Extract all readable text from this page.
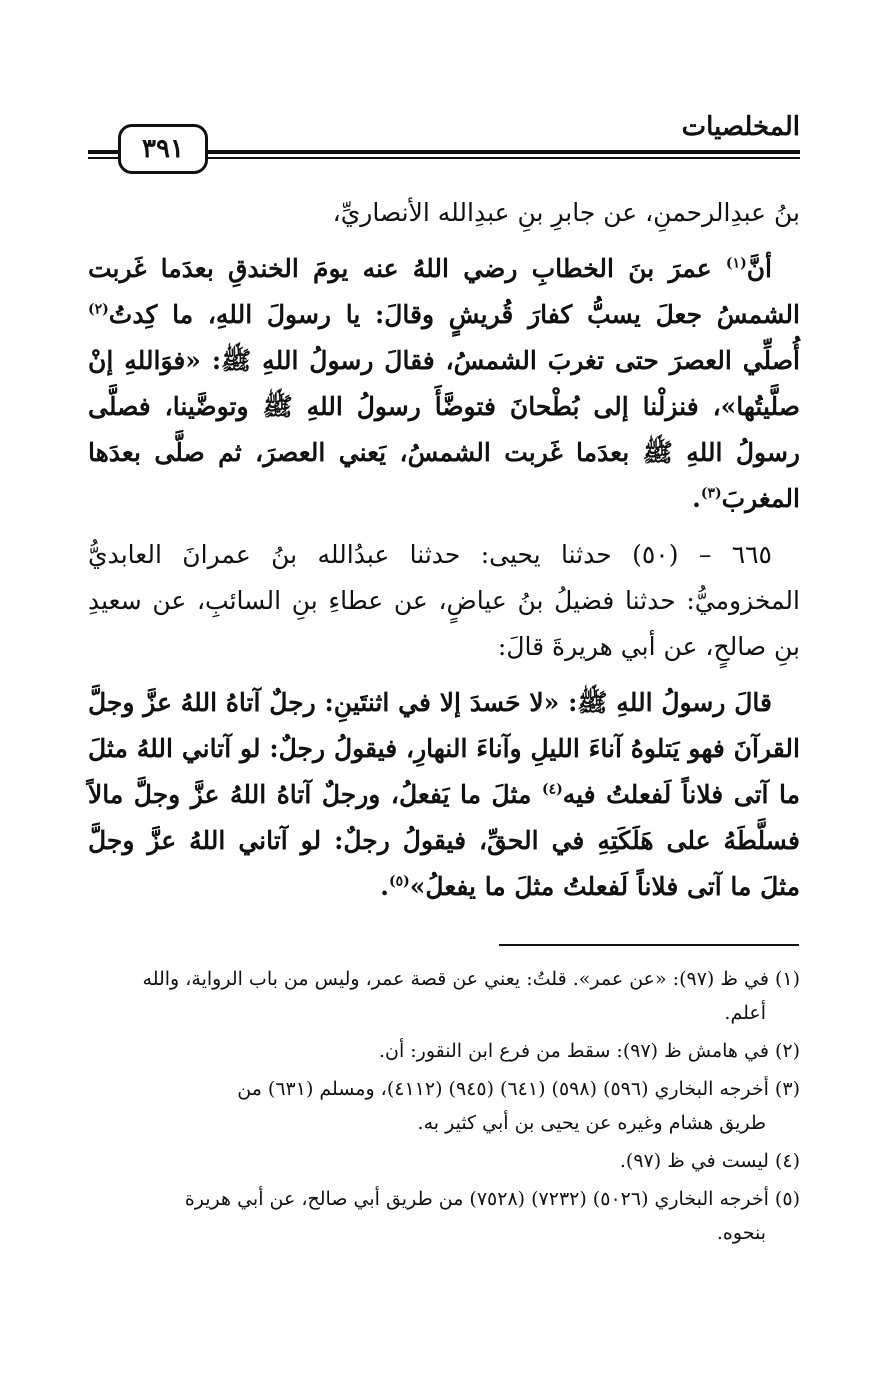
٣٩١
المخلصيات

بنُ عبدِالرحمنِ، عن جابرِ بنِ عبدِالله الأنصاريِّ،

أنَّ$^{(١)}$ عمرَ بنَ الخطابِ رضي اللهُ عنه يومَ الخندقِ بعدَما غَربت الشمسُ جعلَ يسبُّ كفارَ قُريشٍ وقالَ: يا رسولَ اللهِ، ما كِدتُ$^{(٢)}$ أُصلِّي العصرَ حتى تغربَ الشمسُ، فقالَ رسولُ اللهِ ﷺ: «فوَاللهِ إنْ صلَّيتُها»، فنزلْنا إلى بُطْحانَ فتوضَّأَ رسولُ اللهِ ﷺ وتوضَّينا، فصلَّى رسولُ اللهِ ﷺ بعدَما غَربت الشمسُ، يَعني العصرَ، ثم صلَّى بعدَها المغربَ$^{(٣)}$.

٦٦٥ – (٥٠) حدثنا يحيى: حدثنا عبدُالله بنُ عمرانَ العابديُّ المخزوميُّ: حدثنا فضيلُ بنُ عياضٍ، عن عطاءِ بنِ السائبِ، عن سعيدِ بنِ صالحٍ، عن أبي هريرةَ قالَ:

قالَ رسولُ اللهِ ﷺ: «لا حَسدَ إلا في اثنتَينِ: رجلٌ آتاهُ اللهُ عزَّ وجلَّ القرآنَ فهو يَتلوهُ آناءَ الليلِ وآناءَ النهارِ، فيقولُ رجلٌ: لو آتاني اللهُ مثلَ ما آتى فلاناً لَفعلتُ فيه$^{(٤)}$ مثلَ ما يَفعلُ، ورجلٌ آتاهُ اللهُ عزَّ وجلَّ مالاً فسلَّطَهُ على هَلَكَتِهِ في الحقِّ، فيقولُ رجلٌ: لو آتاني اللهُ عزَّ وجلَّ مثلَ ما آتى فلاناً لَفعلتُ مثلَ ما يفعلُ»$^{(٥)}$.

(١) في ظ (٩٧): «عن عمر». قلتُ: يعني عن قصة عمر، وليس من باب الرواية، والله
أعلم.
(٢) في هامش ظ (٩٧): سقط من فرع ابن النقور: أن.
(٣) أخرجه البخاري (٥٩٦) (٥٩٨) (٦٤١) (٩٤٥) (٤١١٢)، ومسلم (٦٣١) من
طريق هشام وغيره عن يحيى بن أبي كثير به.
(٤) ليست في ظ (٩٧).
(٥) أخرجه البخاري (٥٠٢٦) (٧٢٣٢) (٧٥٢٨) من طريق أبي صالح، عن أبي هريرة
بنحوه.
